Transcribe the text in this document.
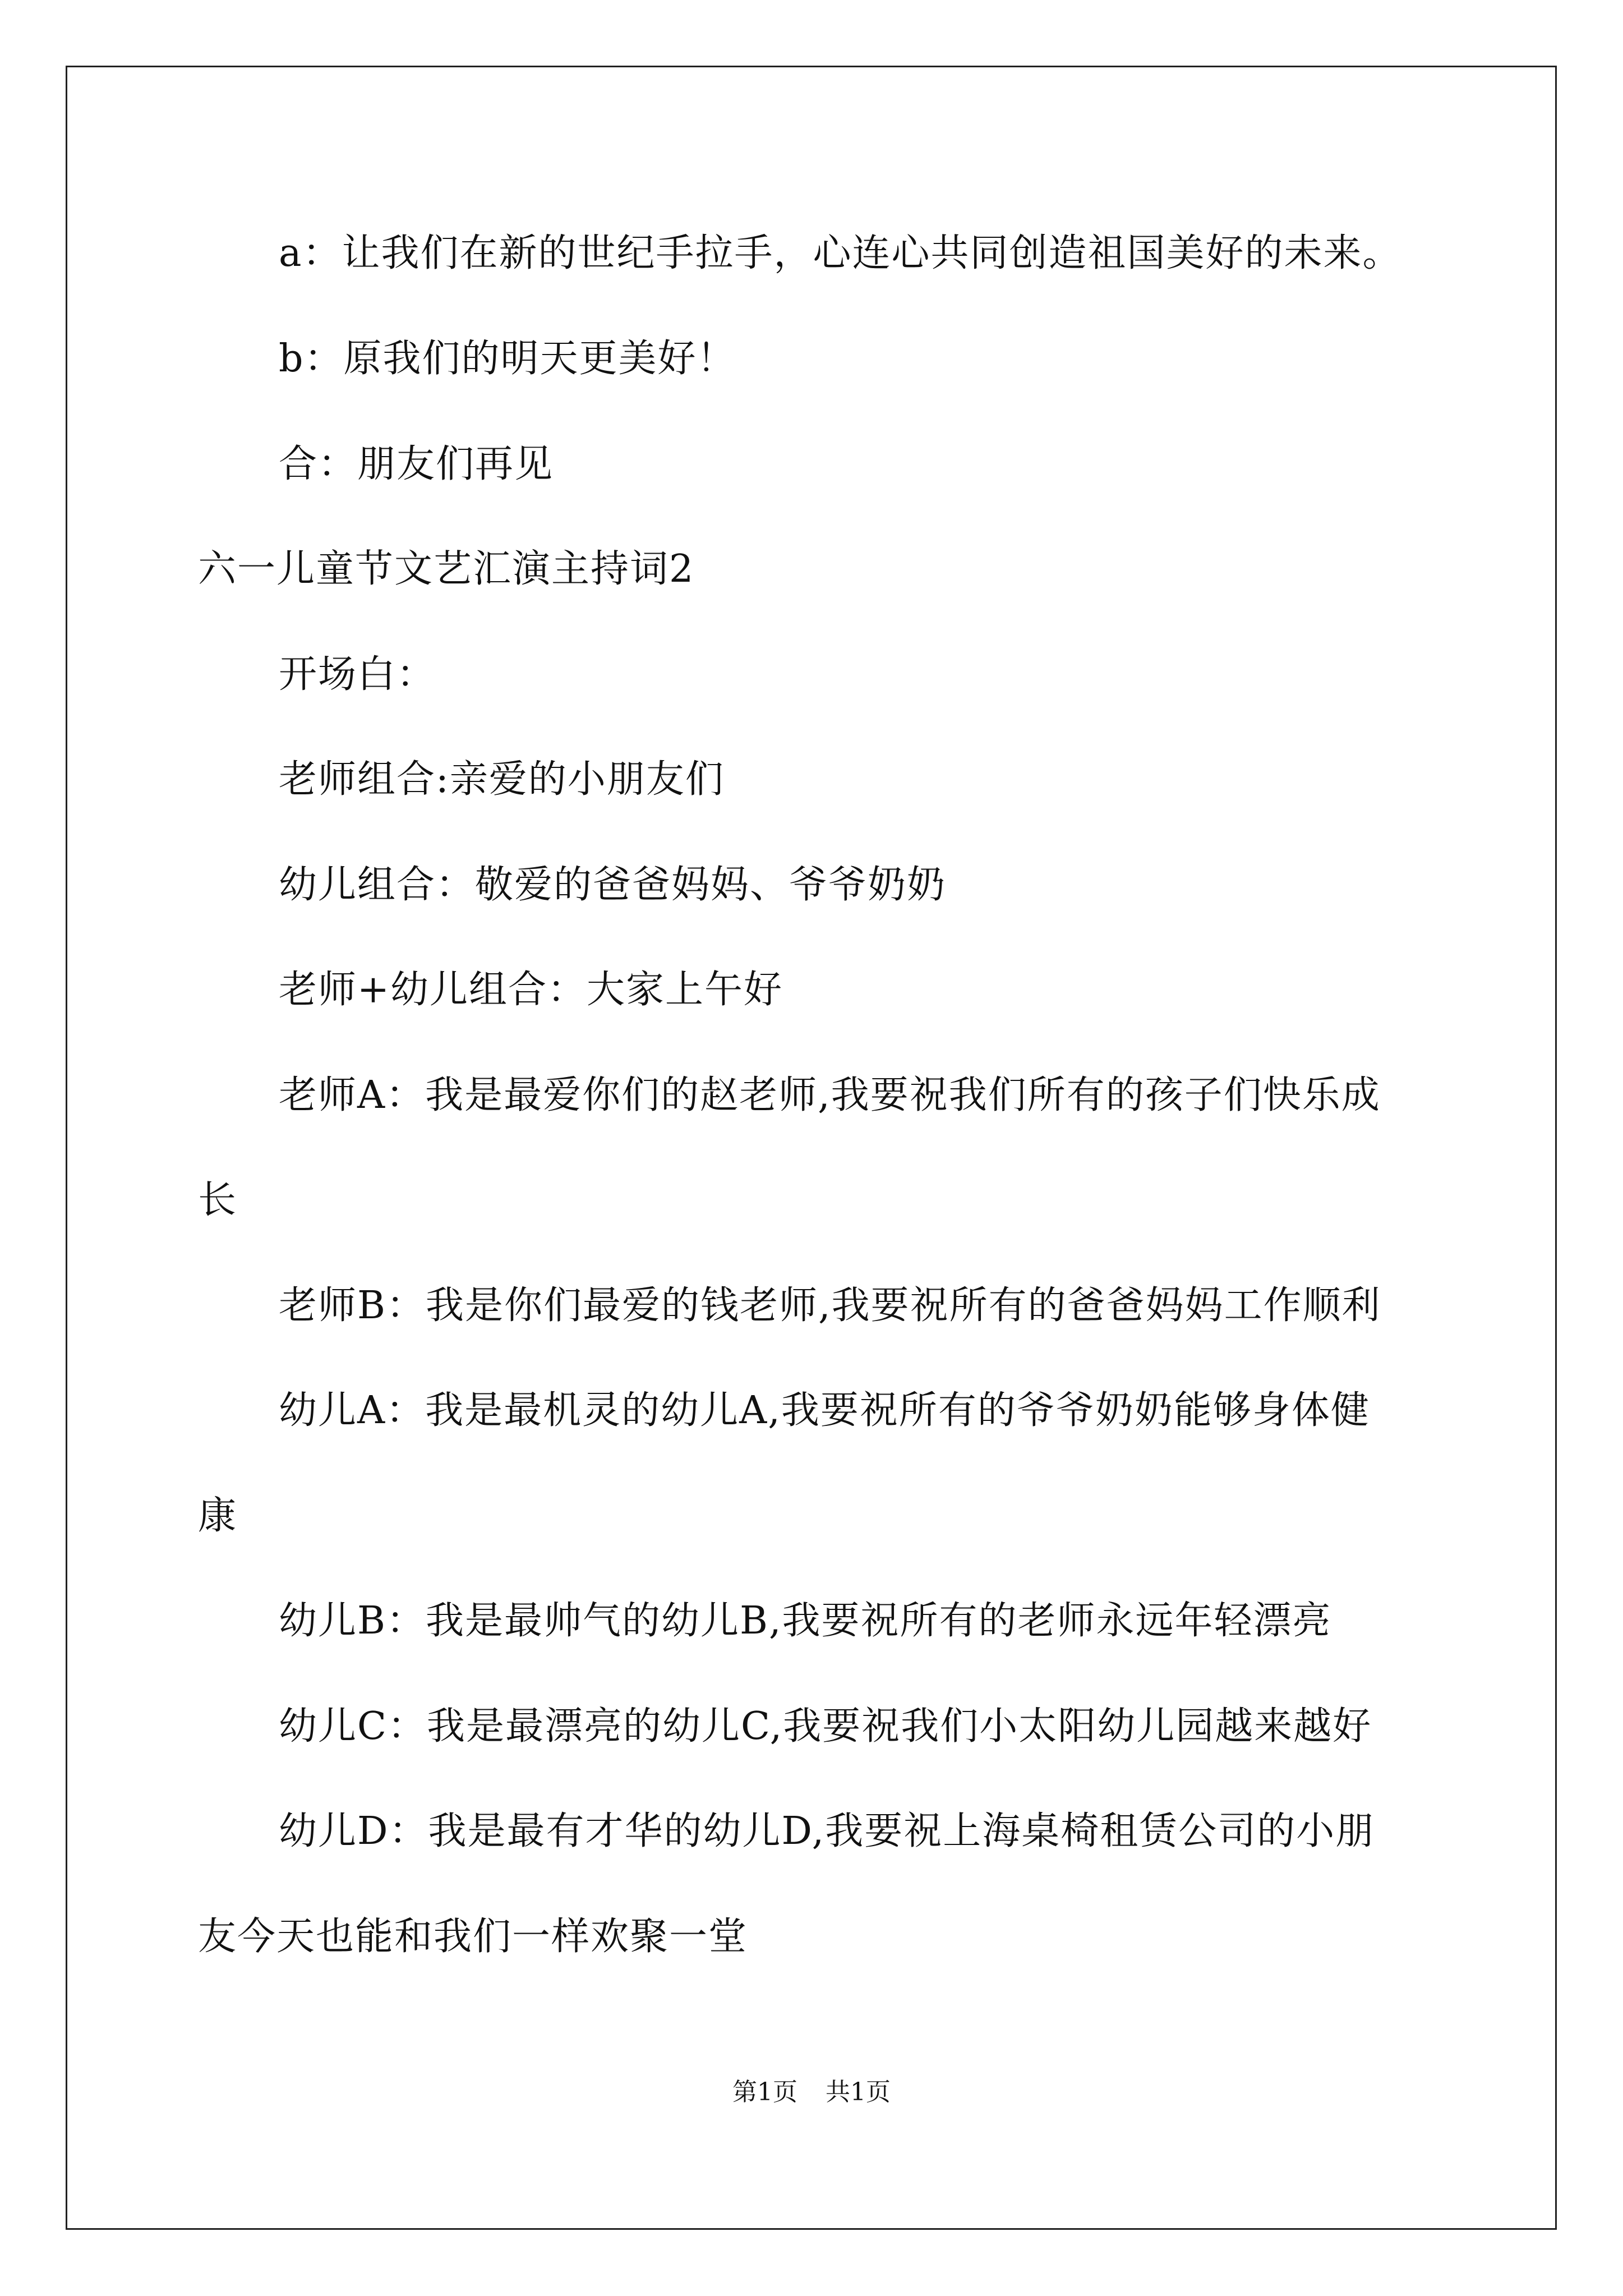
a：让我们在新的世纪手拉手，心连心共同创造祖国美好的未来。
b：原我们的明天更美好！
合：朋友们再见
六一儿童节文艺汇演主持词2
开场白：
老师组合:亲爱的小朋友们
幼儿组合：敬爱的爸爸妈妈、爷爷奶奶
老师+幼儿组合：大家上午好
老师A：我是最爱你们的赵老师,我要祝我们所有的孩子们快乐成
长
老师B：我是你们最爱的钱老师,我要祝所有的爸爸妈妈工作顺利
幼儿A：我是最机灵的幼儿A,我要祝所有的爷爷奶奶能够身体健
康
幼儿B：我是最帅气的幼儿B,我要祝所有的老师永远年轻漂亮
幼儿C：我是最漂亮的幼儿C,我要祝我们小太阳幼儿园越来越好
幼儿D：我是最有才华的幼儿D,我要祝上海桌椅租赁公司的小朋
友今天也能和我们一样欢聚一堂
第1页 共1页
